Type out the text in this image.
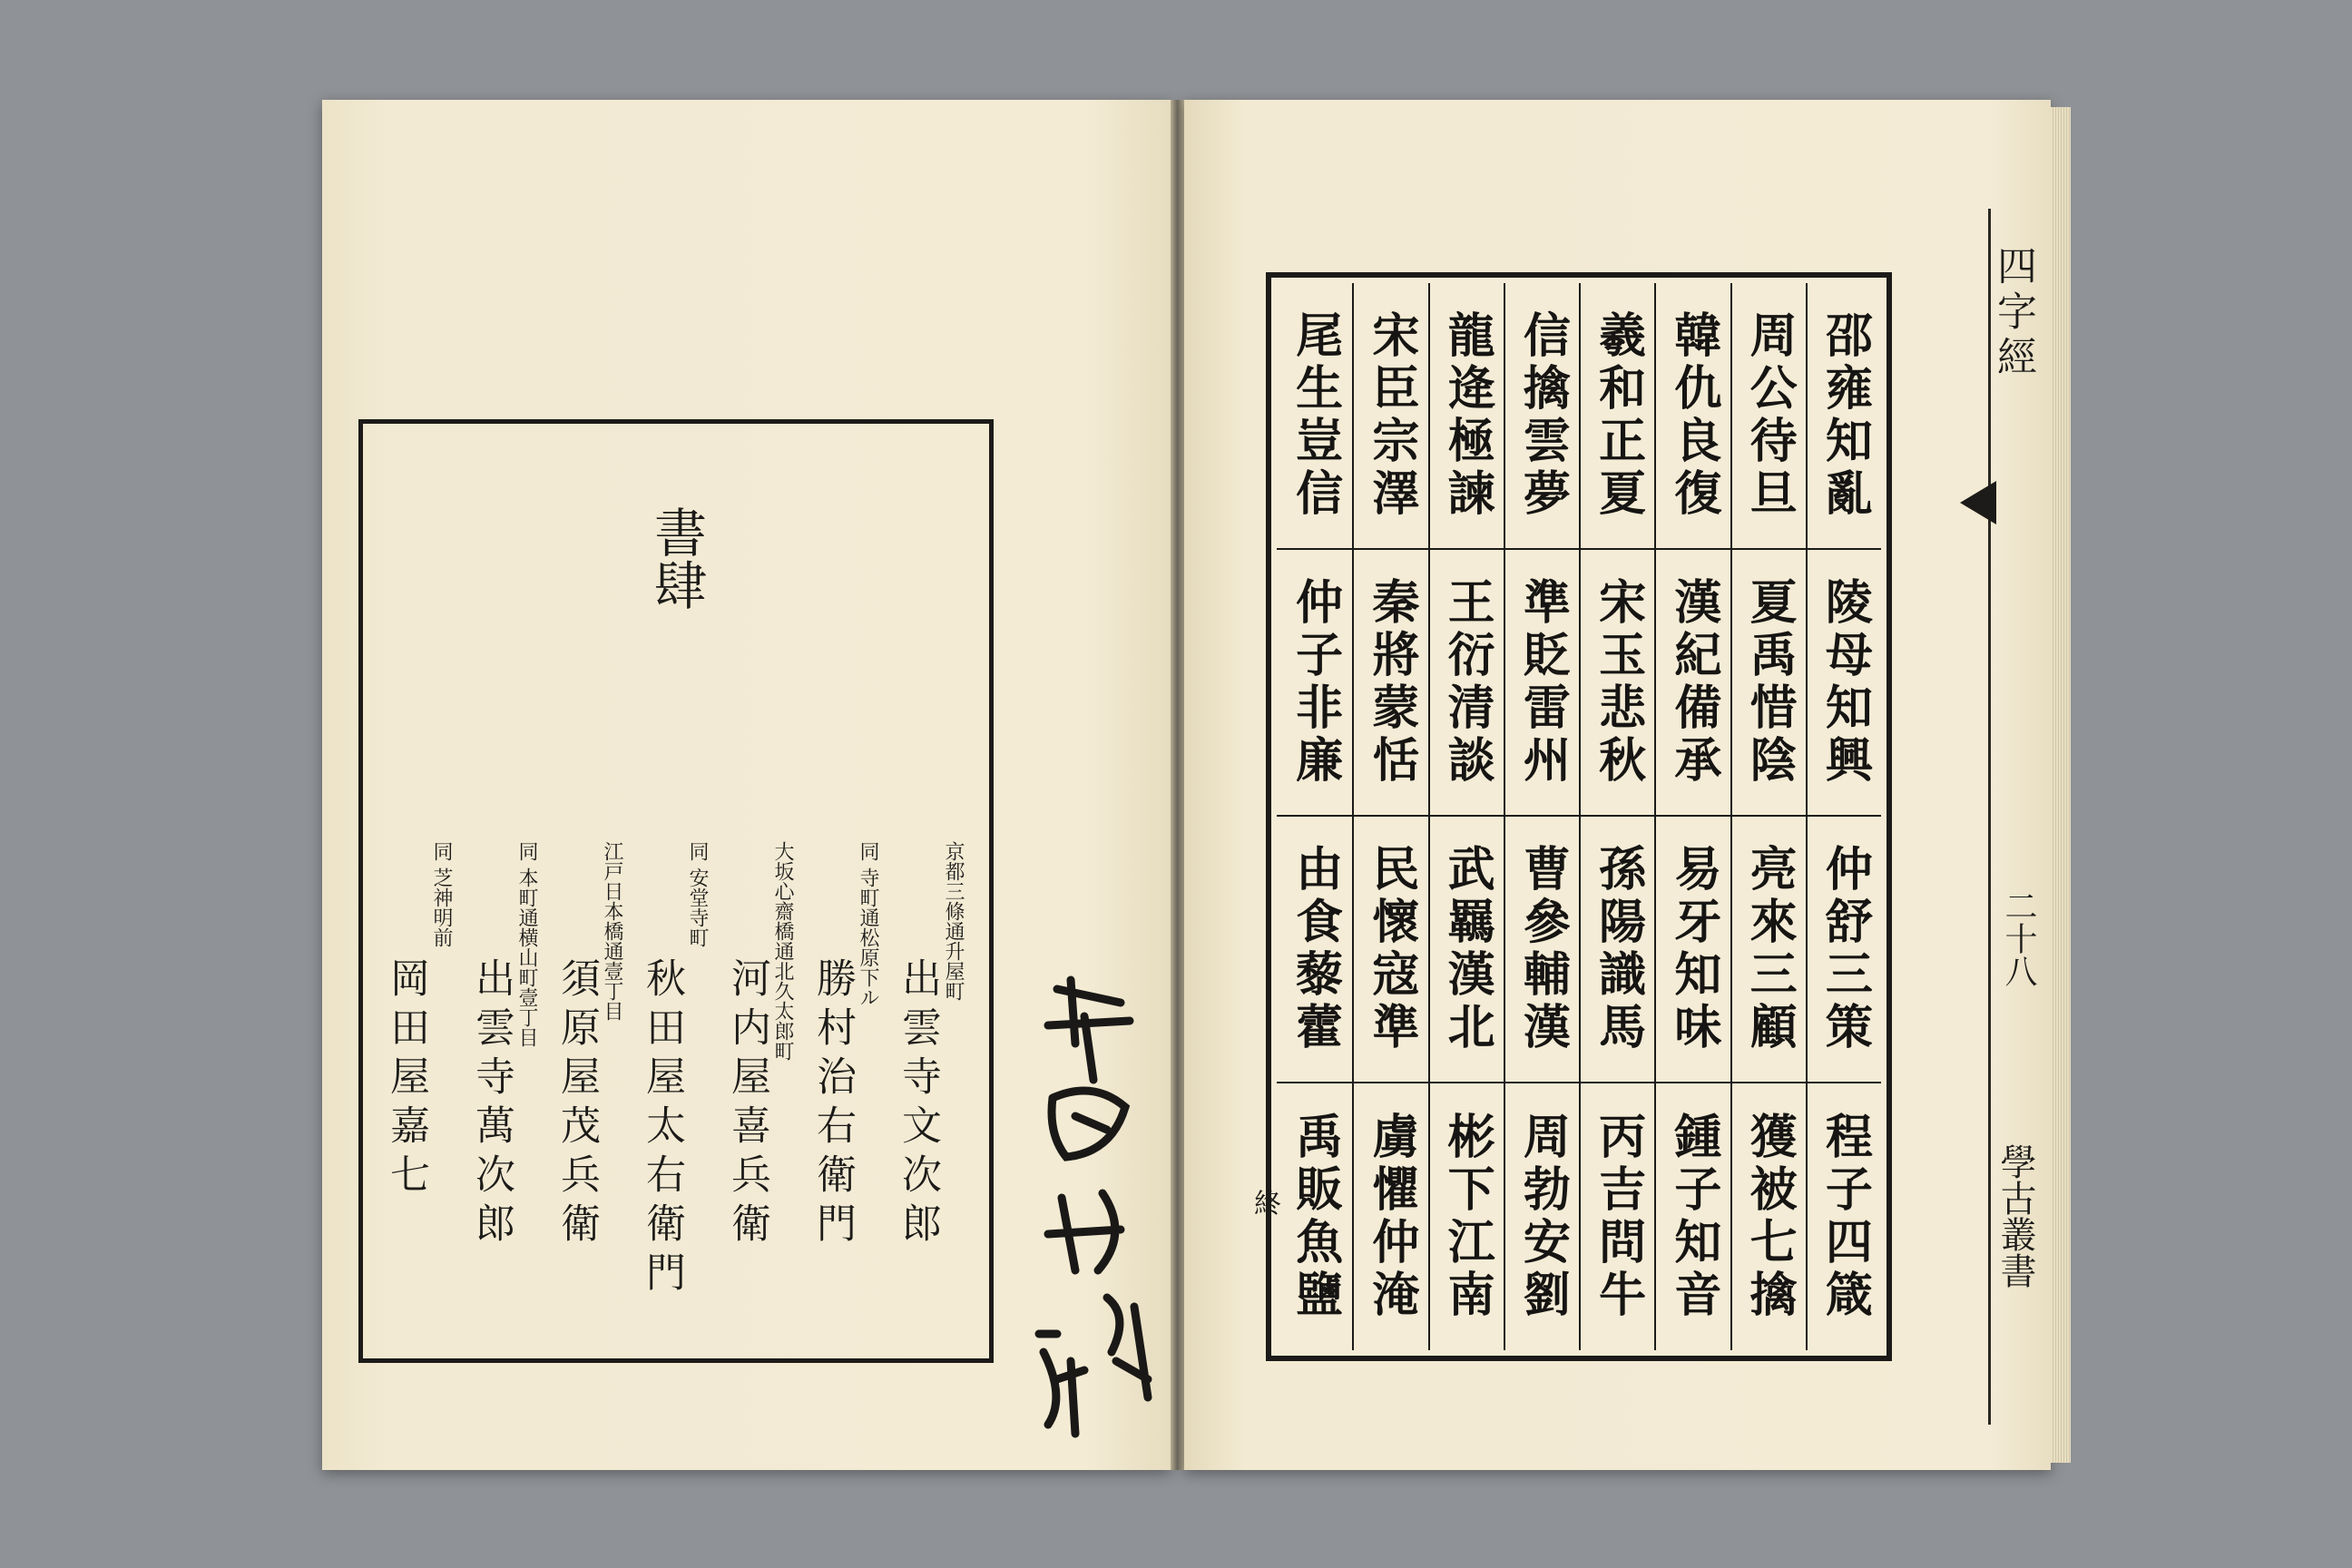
書肆
京都三條通升屋町
出雲寺文次郎
同 寺町通松原下ル
勝村治右衛門
大坂心齋橋通北久太郎町
河内屋喜兵衛
同 安堂寺町
秋田屋太右衛門
江戸日本橋通壹丁目
須原屋茂兵衛
同 本町通横山町壹丁目
出雲寺萬次郎
同 芝神明前
岡田屋嘉七
邵雍知亂
周公待旦
韓仇良復
羲和正夏
信擒雲夢
龍逄極諫
宋臣宗澤
尾生豈信
陵母知興
夏禹惜陰
漢紀備承
宋玉悲秋
準貶雷州
王衍清談
秦將蒙恬
仲子非廉
仲舒三策
亮來三顧
易牙知味
孫陽識馬
曹參輔漢
武羈漢北
民懷寇準
由食藜藿
程子四箴
獲被七擒
鍾子知音
丙吉問牛
周勃安劉
彬下江南
虜懼仲淹
禹販魚鹽
終
四字經
二十八
學古叢書
